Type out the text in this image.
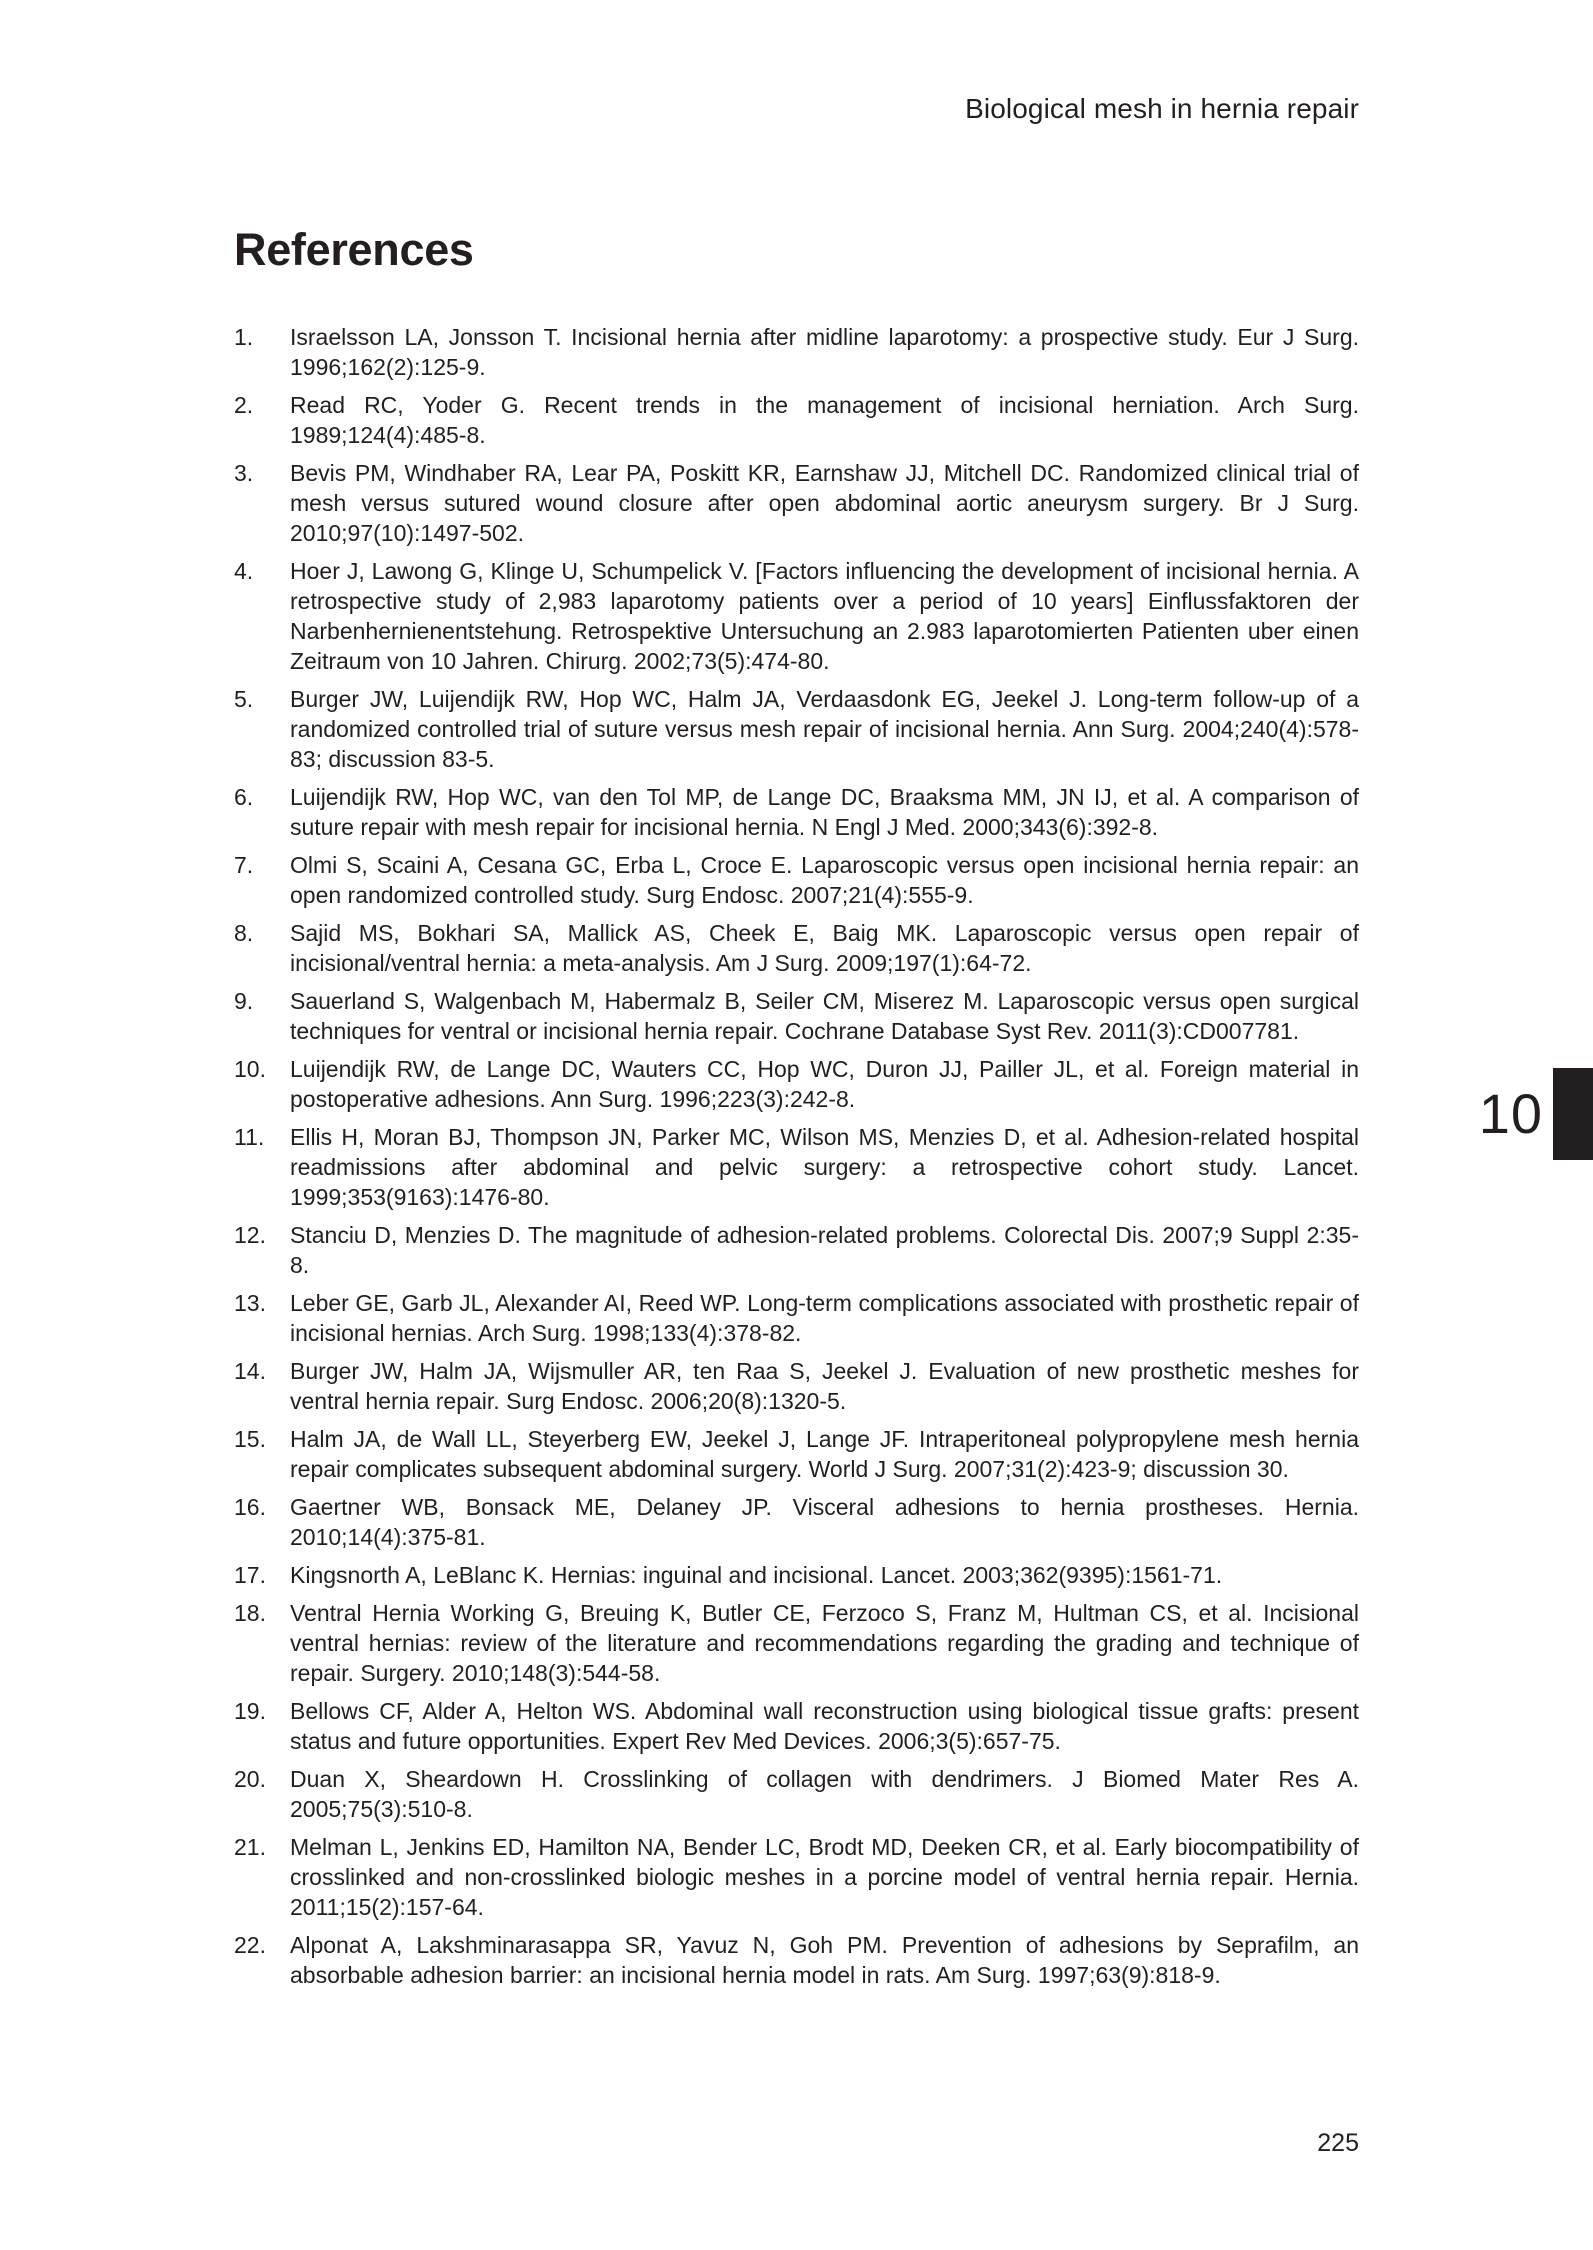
Biological mesh in hernia repair
References
1.	Israelsson LA, Jonsson T. Incisional hernia after midline laparotomy: a prospective study. Eur J Surg. 1996;162(2):125-9.
2.	Read RC, Yoder G. Recent trends in the management of incisional herniation. Arch Surg. 1989;124(4):485-8.
3.	Bevis PM, Windhaber RA, Lear PA, Poskitt KR, Earnshaw JJ, Mitchell DC. Randomized clinical trial of mesh versus sutured wound closure after open abdominal aortic aneurysm surgery. Br J Surg. 2010;97(10):1497-502.
4.	Hoer J, Lawong G, Klinge U, Schumpelick V. [Factors influencing the development of incisional hernia. A retrospective study of 2,983 laparotomy patients over a period of 10 years] Einflussfaktoren der Narbenhernienentstehung. Retrospektive Untersuchung an 2.983 laparotomierten Patienten uber einen Zeitraum von 10 Jahren. Chirurg. 2002;73(5):474-80.
5.	Burger JW, Luijendijk RW, Hop WC, Halm JA, Verdaasdonk EG, Jeekel J. Long-term follow-up of a randomized controlled trial of suture versus mesh repair of incisional hernia. Ann Surg. 2004;240(4):578-83; discussion 83-5.
6.	Luijendijk RW, Hop WC, van den Tol MP, de Lange DC, Braaksma MM, JN IJ, et al. A comparison of suture repair with mesh repair for incisional hernia. N Engl J Med. 2000;343(6):392-8.
7.	Olmi S, Scaini A, Cesana GC, Erba L, Croce E. Laparoscopic versus open incisional hernia repair: an open randomized controlled study. Surg Endosc. 2007;21(4):555-9.
8.	Sajid MS, Bokhari SA, Mallick AS, Cheek E, Baig MK. Laparoscopic versus open repair of incisional/ventral hernia: a meta-analysis. Am J Surg. 2009;197(1):64-72.
9.	Sauerland S, Walgenbach M, Habermalz B, Seiler CM, Miserez M. Laparoscopic versus open surgical techniques for ventral or incisional hernia repair. Cochrane Database Syst Rev. 2011(3):CD007781.
10.	Luijendijk RW, de Lange DC, Wauters CC, Hop WC, Duron JJ, Pailler JL, et al. Foreign material in postoperative adhesions. Ann Surg. 1996;223(3):242-8.
11.	Ellis H, Moran BJ, Thompson JN, Parker MC, Wilson MS, Menzies D, et al. Adhesion-related hospital readmissions after abdominal and pelvic surgery: a retrospective cohort study. Lancet. 1999;353(9163):1476-80.
12.	Stanciu D, Menzies D. The magnitude of adhesion-related problems. Colorectal Dis. 2007;9 Suppl 2:35-8.
13.	Leber GE, Garb JL, Alexander AI, Reed WP. Long-term complications associated with prosthetic repair of incisional hernias. Arch Surg. 1998;133(4):378-82.
14.	Burger JW, Halm JA, Wijsmuller AR, ten Raa S, Jeekel J. Evaluation of new prosthetic meshes for ventral hernia repair. Surg Endosc. 2006;20(8):1320-5.
15.	Halm JA, de Wall LL, Steyerberg EW, Jeekel J, Lange JF. Intraperitoneal polypropylene mesh hernia repair complicates subsequent abdominal surgery. World J Surg. 2007;31(2):423-9; discussion 30.
16.	Gaertner WB, Bonsack ME, Delaney JP. Visceral adhesions to hernia prostheses. Hernia. 2010;14(4):375-81.
17.	Kingsnorth A, LeBlanc K. Hernias: inguinal and incisional. Lancet. 2003;362(9395):1561-71.
18.	Ventral Hernia Working G, Breuing K, Butler CE, Ferzoco S, Franz M, Hultman CS, et al. Incisional ventral hernias: review of the literature and recommendations regarding the grading and technique of repair. Surgery. 2010;148(3):544-58.
19.	Bellows CF, Alder A, Helton WS. Abdominal wall reconstruction using biological tissue grafts: present status and future opportunities. Expert Rev Med Devices. 2006;3(5):657-75.
20.	Duan X, Sheardown H. Crosslinking of collagen with dendrimers. J Biomed Mater Res A. 2005;75(3):510-8.
21.	Melman L, Jenkins ED, Hamilton NA, Bender LC, Brodt MD, Deeken CR, et al. Early biocompatibility of crosslinked and non-crosslinked biologic meshes in a porcine model of ventral hernia repair. Hernia. 2011;15(2):157-64.
22.	Alponat A, Lakshminarasappa SR, Yavuz N, Goh PM. Prevention of adhesions by Seprafilm, an absorbable adhesion barrier: an incisional hernia model in rats. Am Surg. 1997;63(9):818-9.
10
225
